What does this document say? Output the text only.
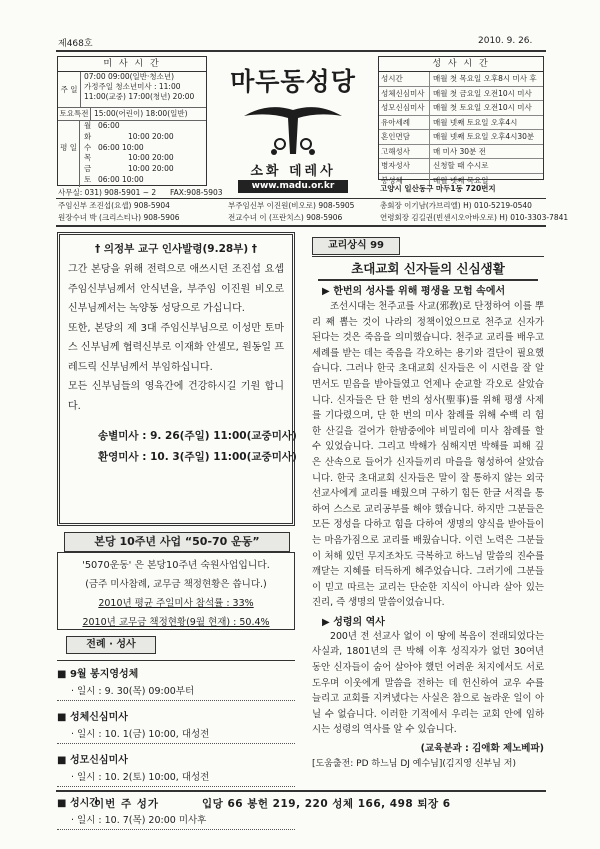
제468호	2010. 9. 26.
미 사 시 간
주 일
07:00 09:00(일반·청소년)
가정주일 청소년미사 : 11:00
11:00(교중) 17:00(청년) 20:00
토요특전 15:00(어린이) 18:00(일반)
평 일
월 06:00
화	10:00 20:00
수 06:00 10:00
목	10:00 20:00
금	10:00 20:00
토 06:00 10:00
마두동성당
소화 데레사
www.madu.or.kr
성 사 시 간
성시간	매월 첫 목요일 오후8시 미사 후
성체신심미사	매월 첫 금요일 오전10시 미사
성모신심미사	매월 첫 토요일 오전10시 미사
유아세례	매월 넷째 토요일 오후4시
혼인면담	매월 넷째 토요일 오후4시30분
고해성사	매 미사 30분 전
병자성사	신청할 때 수시로
봉성체	매월 넷째 목요일
고양시 일산동구 마두1동 720번지
사무실: 031) 908-5901 ~ 2 FAX:908-5903
주임신부 조진섭(요셉) 908-5904	부주임신부 이진원(비오로) 908-5905	총회장 이기남(가브리엘) H) 010-5219-0540
원장수녀 박 (크리스티나) 908-5906	전교수녀 이 (프란치스) 908-5906	연령회장 김길권(빈센시오아바오로) H) 010-3303-7841
† 의정부 교구 인사발령(9.28부) †

그간 본당을 위해 전력으로 애쓰시던 조진섭 요셉 주임신부님께서 안식년을, 부주임 이진원 비오로 신부님께서는 녹양동 성당으로 가십니다.

또한, 본당의 제 3대 주임신부님으로 이성만 토마스 신부님께 협력신부로 이재화 안셀모, 원동일 프레드릭 신부님께서 부임하십니다.

모든 신부님들의 영육간에 건강하시길 기원 합니다.

송별미사 : 9. 26(주일) 11:00(교중미사)
환영미사 : 10. 3(주일) 11:00(교중미사)
본당 10주년 사업 “50-70 운동”
'5070운동' 은 본당10주년 숙원사업입니다.
(금주 미사참례, 교무금 책정현황은 씁니다.)
2010년 평균 주일미사 참석률 : 33%
2010년 교무금 책정현황(9월 현재) : 50.4%
전례 · 성사
■ 9월 봉지영성체
· 일시 : 9. 30(목) 09:00부터
■ 성체신심미사
· 일시 : 10. 1(금) 10:00, 대성전
■ 성모신심미사
· 일시 : 10. 2(토) 10:00, 대성전
■ 성시간
· 일시 : 10. 7(목) 20:00 미사후
교리상식 99
초대교회 신자들의 신심생활
▶ 한번의 성사를 위해 평생을 모험 속에서
조선시대는 천주교를 사교(邪敎)로 단정하여 이를 뿌리 째 뽑는 것이 나라의 정책이었으므로 천주교 신자가 된다는 것은 죽음을 의미했습니다. 천주교 교리를 배우고 세례를 받는 데는 죽음을 각오하는 용기와 결단이 필요했습니다. 그러나 한국 초대교회 신자들은 이 시련을 잘 알면서도 믿음을 받아들였고 언제나 순교할 각오로 살았습니다. 신자들은 단 한 번의 성사(聖事)를 위해 평생 사제를 기다렸으며, 단 한 번의 미사 참례를 위해 수백 리 험한 산길을 걸어가 한밤중에야 비밀리에 미사 참례를 할 수 있었습니다. 그리고 박해가 심해지면 박해를 피해 깊은 산속으로 들어가 신자들끼리 마을을 형성하여 살았습니다. 한국 초대교회 신자들은 말이 잘 통하지 않는 외국 선교사에게 교리를 배웠으며 구하기 힘든 한글 서적을 통하여 스스로 교리공부를 해야 했습니다. 하지만 그분들은 모든 정성을 다하고 힘을 다하여 생명의 양식을 받아들이는 마음가짐으로 교리를 배웠습니다. 이런 노력은 그분들이 처해 있던 무지조차도 극복하고 하느님 말씀의 진수를 깨닫는 지혜를 터득하게 해주었습니다. 그러기에 그분들이 믿고 따르는 교리는 단순한 지식이 아니라 살아 있는 진리, 즉 생명의 말씀이었습니다.
▶ 성령의 역사
200년 전 선교사 없이 이 땅에 복음이 전래되었다는 사실과, 1801년의 큰 박해 이후 성직자가 없던 30여년 동안 신자들이 숨어 살아야 했던 어려운 처지에서도 서로 도우며 이웃에게 말씀을 전하는 데 헌신하여 교우 수를 늘리고 교회를 지켜냈다는 사실은 참으로 놀라운 일이 아닐 수 없습니다. 이러한 기적에서 우리는 교회 안에 임하시는 성령의 역사를 알 수 있습니다.
(교육분과 : 김애화 제노베파)
[도움출전: PD 하느님 DJ 예수님](김지영 신부님 저)
이번 주 성가	입당 66 봉헌 219, 220 성체 166, 498 퇴장 6
